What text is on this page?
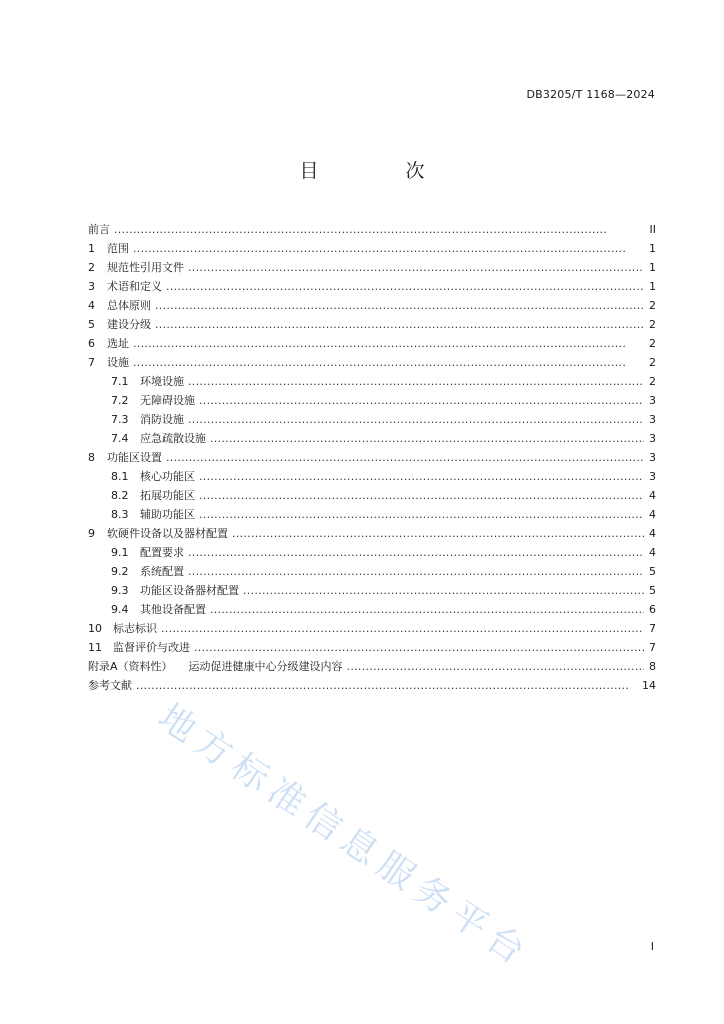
DB3205/T 1168—2024
目　次
前言 . . .	II
1	范围 . . .	1
2	规范性引用文件 . . .	1
3	术语和定义 . . .	1
4	总体原则 . . .	2
5	建设分级 . . .	2
6	选址 . . .	2
7	设施 . . .	2
7.1	环境设施 . . .	2
7.2	无障碍设施 . . .	3
7.3	消防设施 . . .	3
7.4	应急疏散设施 . . .	3
8	功能区设置 . . .	3
8.1	核心功能区 . . .	3
8.2	拓展功能区 . . .	4
8.3	辅助功能区 . . .	4
9	软硬件设备以及器材配置 . . .	4
9.1	配置要求 . . .	4
9.2	系统配置 . . .	5
9.3	功能区设备器材配置 . . .	5
9.4	其他设备配置 . . .	6
10	标志标识 . . .	7
11	监督评价与改进 . . .	7
附录A（资料性）	运动促进健康中心分级建设内容 . . .	8
参考文献 . . .	14
地方标准信息服务平台	I
